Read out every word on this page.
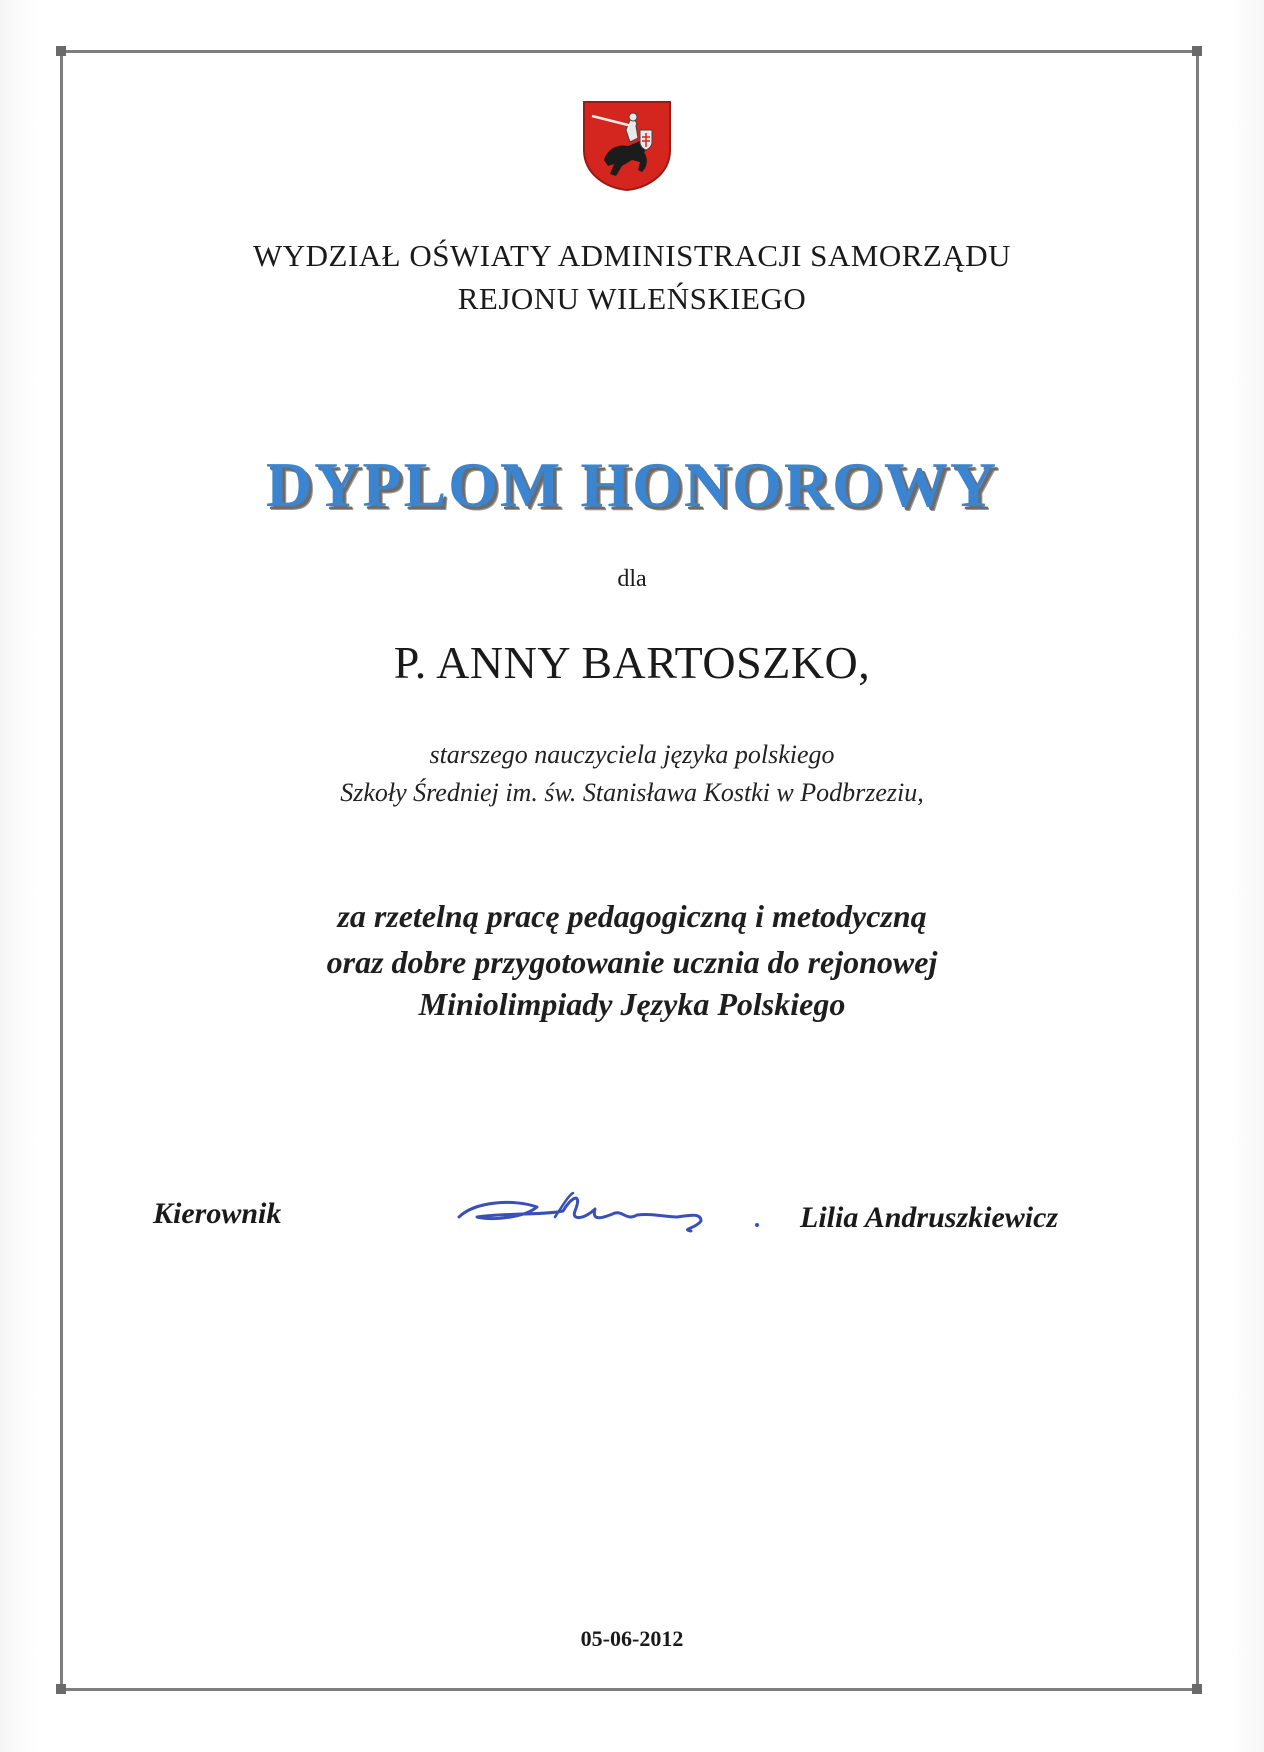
WYDZIAŁ OŚWIATY ADMINISTRACJI SAMORZĄDU
REJONU WILEŃSKIEGO
DYPLOM HONOROWY
dla
P. ANNY BARTOSZKO,
starszego nauczyciela języka polskiego
Szkoły Średniej im. św. Stanisława Kostki w Podbrzeziu,
za rzetelną pracę pedagogiczną i metodyczną
oraz dobre przygotowanie ucznia do rejonowej
Miniolimpiady Języka Polskiego
Kierownik	Lilia Andruszkiewicz
05-06-2012
